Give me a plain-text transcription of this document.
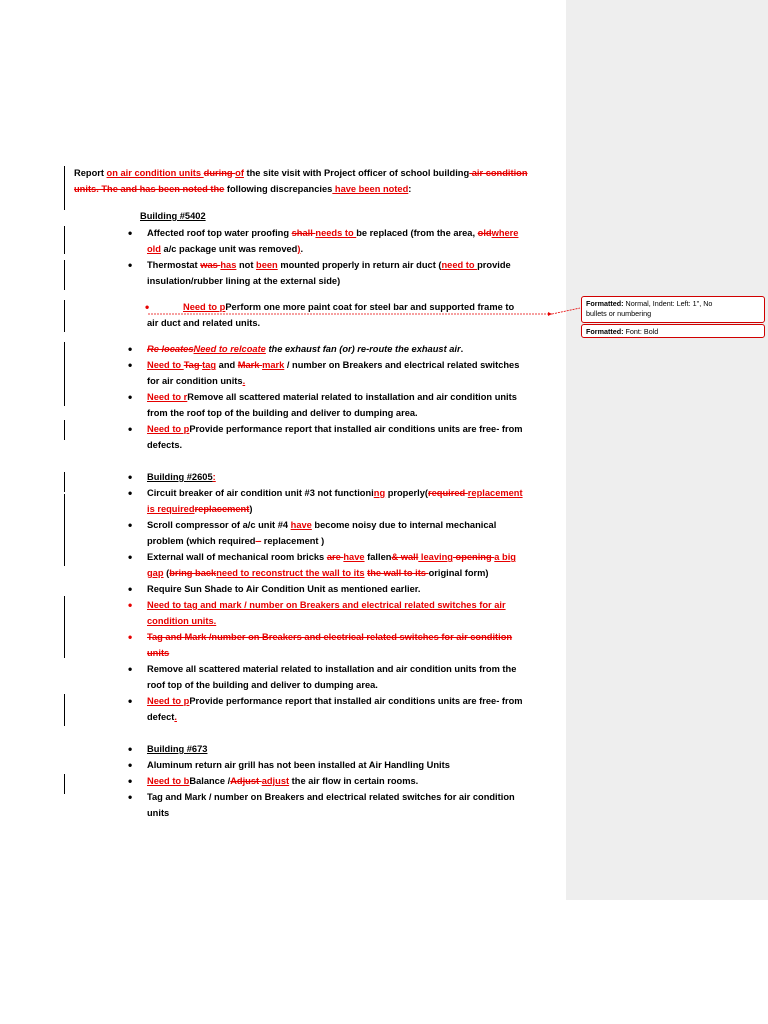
Report on air condition units during of the site visit with Project officer of school building air condition
units. The and has been noted the following discrepancies have been noted:
Building #5402
• Affected roof top water proofing shall needs to be replaced (from the area, oldwhere
old a/c package unit was removed).
• Thermostat was has not been mounted properly in return air duct (need to provide
insulation/rubber lining at the external side)
•	Need to pPerform one more paint coat for steel bar and supported frame to
air duct and related units.
• Re locatesNeed to relcoate the exhaust fan (or) re-route the exhaust air.
• Need to Tag tag and Mark mark / number on Breakers and electrical related switches
for air condition units.
• Need to rRemove all scattered material related to installation and air condition units
from the roof top of the building and deliver to dumping area.
• Need to pProvide performance report that installed air conditions units are free- from
defects.
• Building #2605:
• Circuit breaker of air condition unit #3 not functioning properly(required replacement
is requiredreplacement)
• Scroll compressor of a/c unit #4 have become noisy due to internal mechanical
problem (which required - replacement )
• External wall of mechanical room bricks are have fallen& wall leaving opening a big
gap (bring backneed to reconstruct the wall to its the wall to its original form)
• Require Sun Shade to Air Condition Unit as mentioned earlier.
• Need to tag and mark / number on Breakers and electrical related switches for air
condition units.
• Tag and Mark /number on Breakers and electrical related switches for air condition
units
• Remove all scattered material related to installation and air condition units from the
roof top of the building and deliver to dumping area.
• Need to pProvide performance report that installed air conditions units are free- from
defect.
• Building #673
• Aluminum return air grill has not been installed at Air Handling Units
• Need to bBalance /Adjust adjust the air flow in certain rooms.
• Tag and Mark / number on Breakers and electrical related switches for air condition
units
Formatted: Normal, Indent: Left: 1", No
bullets or numbering
Formatted: Font: Bold
